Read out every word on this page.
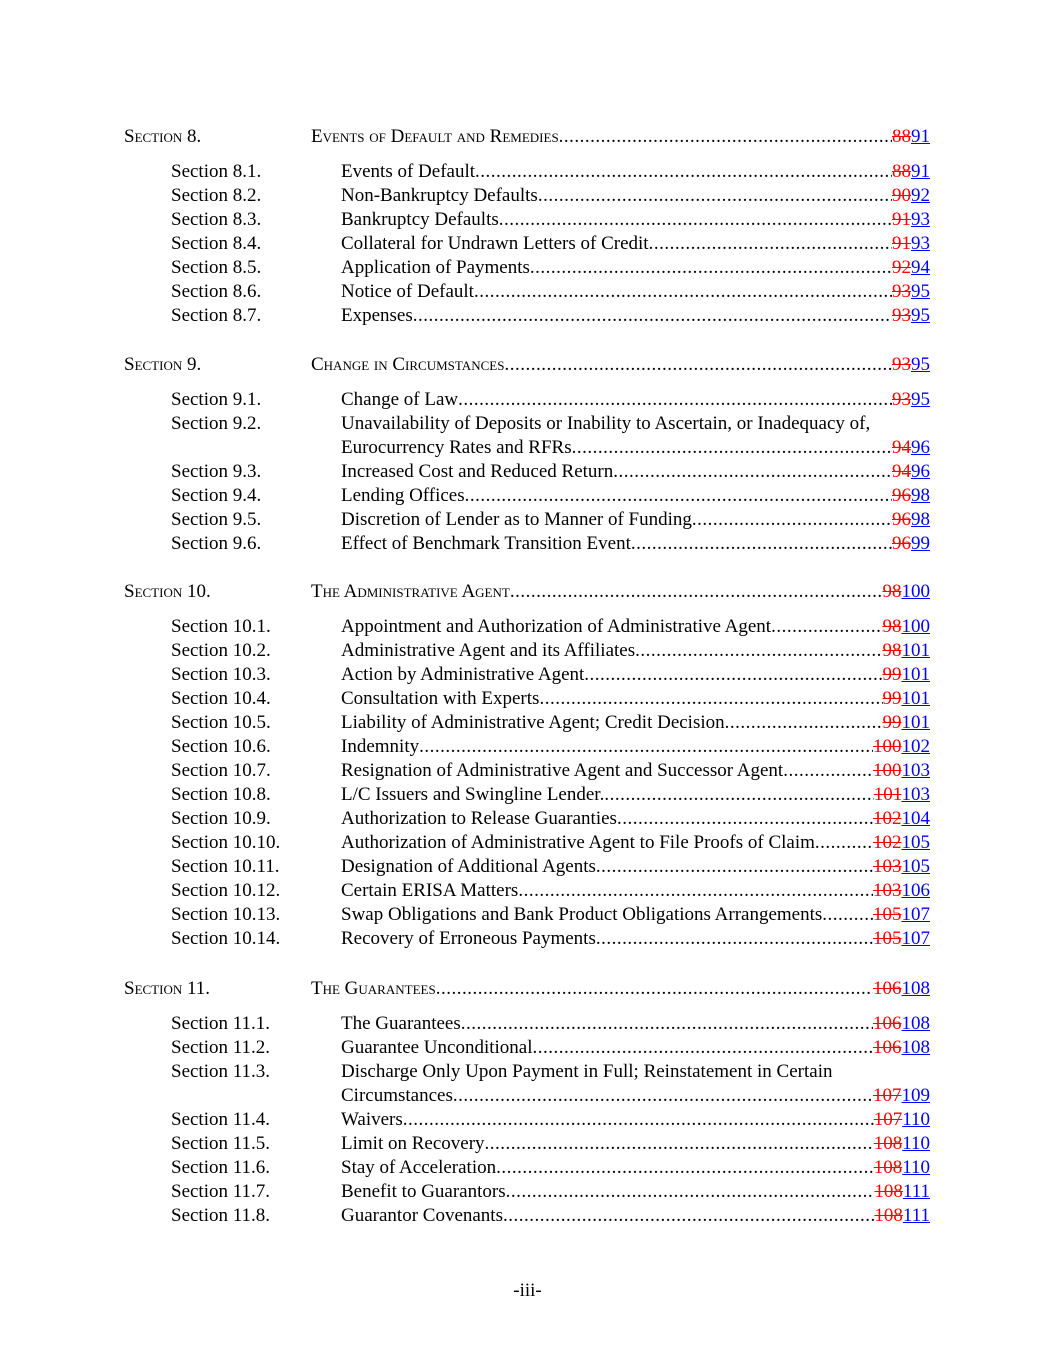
-iii-
Section 8.	Events of Default and Remedies .....	8891
Section 8.1.	Events of Default .....	8891
Section 8.2.	Non-Bankruptcy Defaults .....	9092
Section 8.3.	Bankruptcy Defaults .....	9193
Section 8.4.	Collateral for Undrawn Letters of Credit .....	9193
Section 8.5.	Application of Payments .....	9294
Section 8.6.	Notice of Default .....	9395
Section 8.7.	Expenses .....	9395
Section 9.	Change in Circumstances .....	9395
Section 9.1.	Change of Law .....	9395
Section 9.2.	Unavailability of Deposits or Inability to Ascertain, or Inadequacy of,
Eurocurrency Rates and RFRs .....	9496
Section 9.3.	Increased Cost and Reduced Return .....	9496
Section 9.4.	Lending Offices .....	9698
Section 9.5.	Discretion of Lender as to Manner of Funding .....	9698
Section 9.6.	Effect of Benchmark Transition Event .....	9699
Section 10.	The Administrative Agent .....	98100
Section 10.1.	Appointment and Authorization of Administrative Agent .....	98100
Section 10.2.	Administrative Agent and its Affiliates .....	98101
Section 10.3.	Action by Administrative Agent .....	99101
Section 10.4.	Consultation with Experts .....	99101
Section 10.5.	Liability of Administrative Agent; Credit Decision .....	99101
Section 10.6.	Indemnity .....	100102
Section 10.7.	Resignation of Administrative Agent and Successor Agent .....	100103
Section 10.8.	L/C Issuers and Swingline Lender. .....	101103
Section 10.9.	Authorization to Release Guaranties .....	102104
Section 10.10.	Authorization of Administrative Agent to File Proofs of Claim .....	102105
Section 10.11.	Designation of Additional Agents .....	103105
Section 10.12.	Certain ERISA Matters .....	103106
Section 10.13.	Swap Obligations and Bank Product Obligations Arrangements .....	105107
Section 10.14.	Recovery of Erroneous Payments .....	105107
Section 11.	The Guarantees .....	106108
Section 11.1.	The Guarantees .....	106108
Section 11.2.	Guarantee Unconditional .....	106108
Section 11.3.	Discharge Only Upon Payment in Full; Reinstatement in Certain
Circumstances .....	107109
Section 11.4.	Waivers .....	107110
Section 11.5.	Limit on Recovery .....	108110
Section 11.6.	Stay of Acceleration .....	108110
Section 11.7.	Benefit to Guarantors .....	108111
Section 11.8.	Guarantor Covenants .....	108111
